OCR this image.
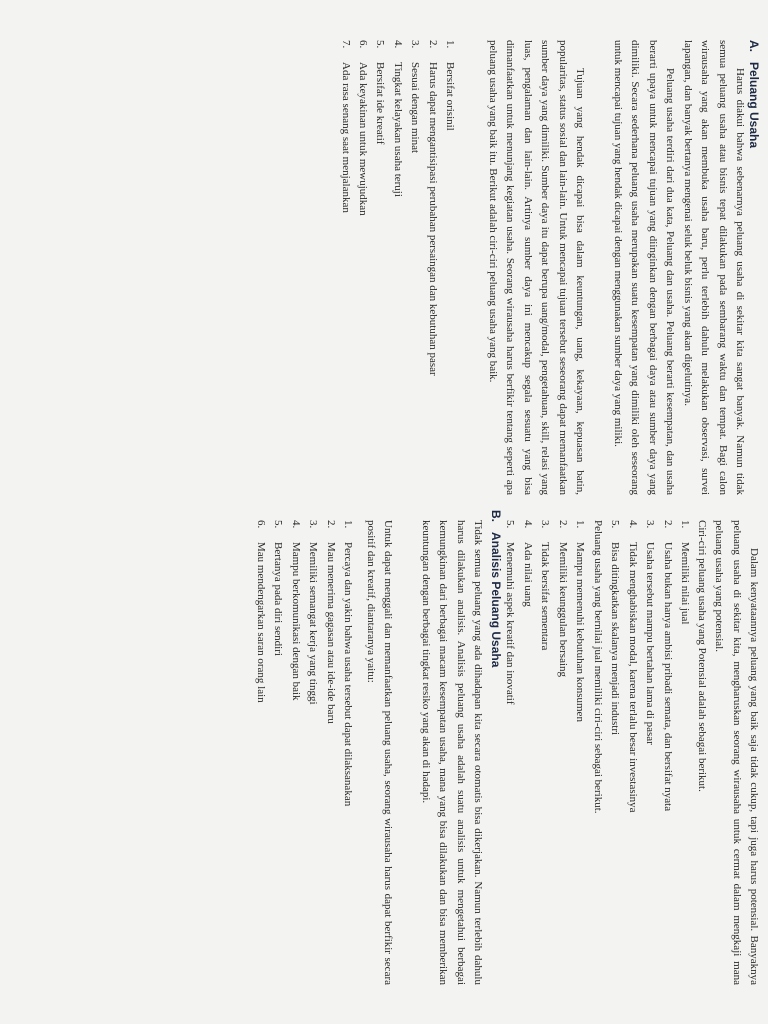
A.Peluang Usaha

Harus diakui bahwa sebenarnya peluang usaha di sekitar kita sangat banyak. Namun tidak semua peluang usaha atau bisnis tepat dilakukan pada sembarang waktu dan tempat. Bagi calon wirausaha yang akan membuka usaha baru, perlu terlebih dahulu melakukan observasi, survei lapangan, dan banyak bertanya mengenai seluk beluk bisnis yang akan digelutinya.

Peluang usaha terdiri dari dua kata, Peluang dan usaha. Peluang berarti kesempatan, dan usaha berarti upaya untuk mencapai tujuan yang diinginkan dengan berbagai daya atau sumber daya yang dimiliki. Secara sederhana peluang usaha merupakan suatu kesempatan yang dimiliki oleh seseorang untuk mencapai tujuan yang hendak dicapai dengan menggunakan sumber daya yang miliki.

Tujuan yang hendak dicapai bisa dalam keuntungan, uang, kekayaan, kepuasan batin, popularitas, status sosial dan lain-lain. Untuk mencapai tujuan tersebut seseorang dapat memanfaatkan sumber daya yang dimiliki. Sumber daya itu dapat berupa uang/modal, pengetahuan, skill, relasi yang luas, pengalaman dan lain-lain. Artinya sumber daya ini mencakup segala sesuatu yang bisa dimanfaatkan untuk menunjang kegiatan usaha. Seorang wirausaha harus berfikir tentang seperti apa peluang usaha yang baik itu. Berikut adalah ciri-ciri peluang usaha yang baik.

1.
Bersifat orisinil
2.
Harus dapat mengantisipasi perubahan persaingan dan kebutuhan pasar
3.
Sesuai dengan minat
4.
Tingkat kelayakan usaha teruji
5.
Bersifat ide kreatif
6.
Ada keyakinan untuk mewujudkan
7.
Ada rasa senang saat menjalankan

Dalam kenyataannya peluang yang baik saja tidak cukup, tapi juga harus potensial. Banyaknya peluang usaha di sekitar kita, mengharuskan seorang wirausaha untuk cermat dalam mengkaji mana peluang usaha yang potensial.

Ciri-ciri peluang usaha yang Potensial adalah sebagai berikut.

1.
Memiliki nilai jual
2.
Usaha bukan hanya ambisi pribadi semata, dan bersifat nyata
3.
Usaha tersebut mampu bertahan lama di pasar
4.
Tidak menghabiskan modal, karena terlalu besar investasinya
5.
Bisa ditingkatkan skalanya menjadi industri

Peluang usaha yang bernilai jual memiliki ciri-ciri sebagai berikut.

1.
Mampu memenuhi kebutuhan konsumen
2.
Memiliki keunggulan bersaing
3.
Tidak bersifat sementara
4.
Ada nilai uang
5.
Menemuhi aspek kreatif dan inovatif
B.Analisis Peluang Usaha

Tidak semua peluang yang ada dihadapan kita secara otomatis bisa dikerjakan. Namun terlebih dahulu harus dilakukan analisis. Analisis peluang usaha adalah suatu analisis untuk mengetahui berbagai kemungkinan dari berbagai macam kesempatan usaha, mana yang bisa dilakukan dan bisa memberikan keuntungan dengan berbagai tingkat resiko yang akan di hadapi.

Untuk dapat menggali dan memanfaatkan peluang usaha, seorang wirausaha harus dapat berfikir secara positif dan kreatif, diantaranya yaitu:

1.
Percaya dan yakin bahwa usaha tersebut dapat dilaksanakan
2.
Mau menerima gagasan atau ide-ide baru
3.
Memiliki semangat kerja yang tinggi
4.
Mampu berkomunikasi dengan baik
5.
Bertanya pada diri sendiri
6.
Mau mendengarkan saran orang lain
